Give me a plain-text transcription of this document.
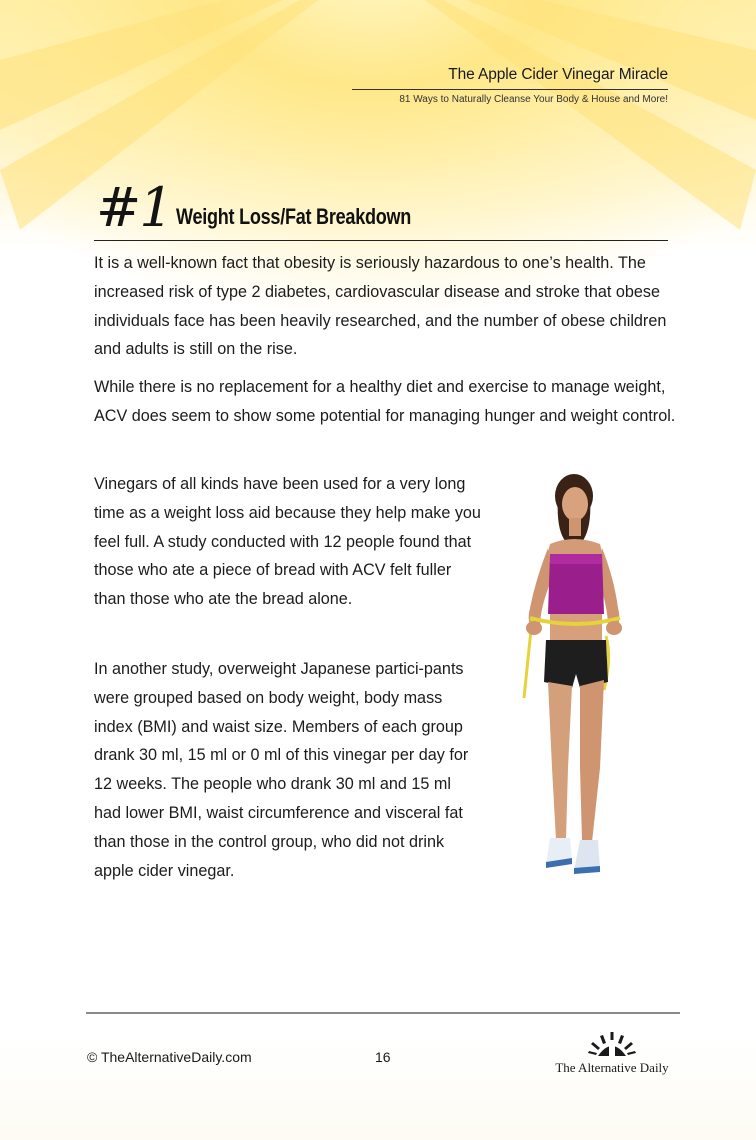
The Apple Cider Vinegar Miracle
81 Ways to Naturally Cleanse Your Body & House and More!
#1 Weight Loss/Fat Breakdown

It is a well-known fact that obesity is seriously hazardous to one’s health. The increased risk of type 2 diabetes, cardiovascular disease and stroke that obese individuals face has been heavily researched, and the number of obese children and adults is still on the rise.

While there is no replacement for a healthy diet and exercise to manage weight, ACV does seem to show some potential for managing hunger and weight control.

Vinegars of all kinds have been used for a very long time as a weight loss aid because they help make you feel full. A study conducted with 12 people found that those who ate a piece of bread with ACV felt fuller than those who ate the bread alone.

In another study, overweight Japanese partici-pants were grouped based on body weight, body mass index (BMI) and waist size. Members of each group drank 30 ml, 15 ml or 0 ml of this vinegar per day for 12 weeks. The people who drank 30 ml and 15 ml had lower BMI, waist circumference and visceral fat than those in the control group, who did not drink apple cider vinegar.

© TheAlternativeDaily.com	16
The Alternative Daily
